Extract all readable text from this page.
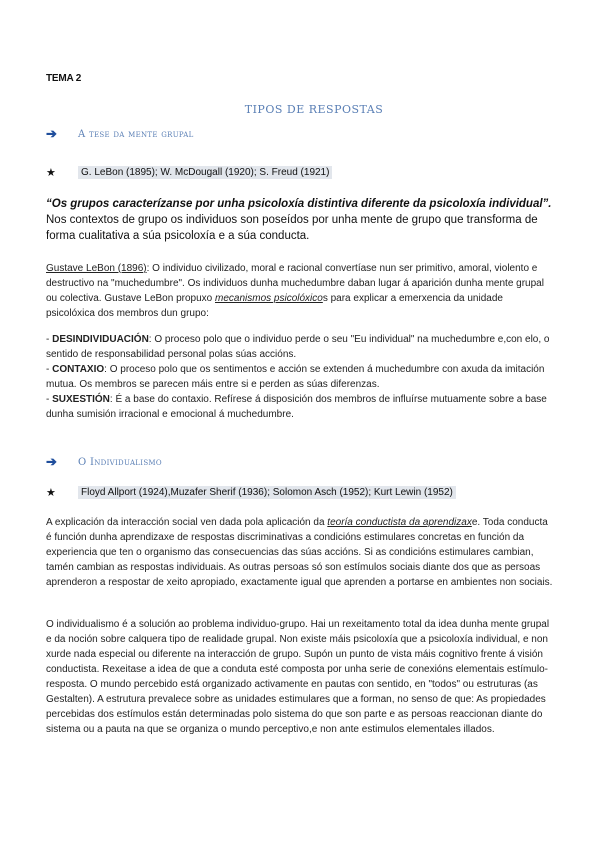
TEMA 2
TIPOS DE RESPOSTAS
➔	A tese da mente grupal
★	G. LeBon (1895); W. McDougall (1920); S. Freud (1921)

“Os grupos caracterízanse por unha psicoloxía distintiva diferente da psicoloxía individual”. Nos contextos de grupo os individuos son poseídos por unha mente de grupo que transforma de forma cualitativa a súa psicoloxía e a súa conducta.

Gustave LeBon (1896): O individuo civilizado, moral e racional convertíase nun ser primitivo, amoral, violento e destructivo na "muchedumbre". Os individuos dunha muchedumbre daban lugar á aparición dunha mente grupal ou colectiva. Gustave LeBon propuxo mecanismos psicolóxicos para explicar a emerxencia da unidade psicolóxica dos membros dun grupo:

- DESINDIVIDUACIÓN: O proceso polo que o individuo perde o seu "Eu individual" na muchedumbre e,con elo, o sentido de responsabilidad personal polas súas accións.
- CONTAXIO: O proceso polo que os sentimentos e acción se extenden á muchedumbre con axuda da imitación mutua. Os membros se parecen máis entre si e perden as súas diferenzas.
- SUXESTIÓN: É a base do contaxio. Refírese á disposición dos membros de influírse mutuamente sobre a base dunha sumisión irracional e emocional á muchedumbre.

➔	O Individualismo
★	Floyd Allport (1924),Muzafer Sherif (1936); Solomon Asch (1952); Kurt Lewin (1952)

A explicación da interacción social ven dada pola aplicación da teoría conductista da aprendizaxe. Toda conducta é función dunha aprendizaxe de respostas discriminativas a condicións estimulares concretas en función da experiencia que ten o organismo das consecuencias das súas accións. Si as condicións estimulares cambian, tamén cambian as respostas individuais. As outras persoas só son estímulos sociais diante dos que as persoas aprenderon a respostar de xeito apropiado, exactamente igual que aprenden a portarse en ambientes non sociais.

O individualismo é a solución ao problema individuo-grupo. Hai un rexeitamento total da idea dunha mente grupal e da noción sobre calquera tipo de realidade grupal. Non existe máis psicoloxía que a psicoloxía individual, e non xurde nada especial ou diferente na interacción de grupo. Supón un punto de vista máis cognitivo frente á visión conductista. Rexeitase a idea de que a conduta esté composta por unha serie de conexións elementais estímulo-resposta. O mundo percebido está organizado activamente en pautas con sentido, en "todos" ou estruturas (as Gestalten). A estrutura prevalece sobre as unidades estimulares que a forman, no senso de que: As propiedades percebidas dos estímulos están determinadas polo sistema do que son parte e as persoas reaccionan diante do sistema ou a pauta na que se organiza o mundo perceptivo,e non ante estimulos elementales illados.
